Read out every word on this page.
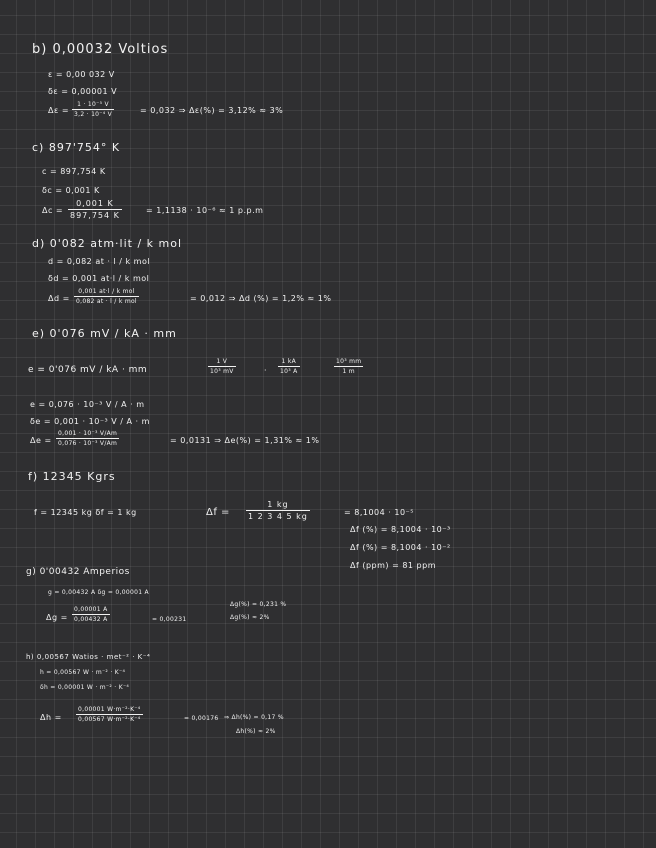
b) 0,00032 Voltios
ε = 0,00 032 V
δε = 0,00001 V
Δε =
1 · 10⁻⁵ V
3,2 · 10⁻⁴ V	= 0,032 ⇒ Δε(%) = 3,12% ≈ 3%
c) 897'754° K
c = 897,754 K
δc = 0,001 K
Δc =
0,001 K
897,754 K
= 1,1138 · 10⁻⁶ ≈ 1 p.p.m
d) 0'082 atm·lit / k mol
d = 0,082 at · l / k mol
δd = 0,001 at·l / k mol
Δd =
0,001 at·l / k mol
0,082 at · l / k mol	= 0,012 ⇒ Δd (%) = 1,2% ≈ 1%
e) 0'076 mV / kA · mm
e = 0'076 mV / kA · mm
1 V
10³ mV	·
1 kA
10³ A
10³ mm
1 m
e = 0,076 · 10⁻³ V / A · m
δe = 0,001 · 10⁻³ V / A · m
Δe =
0,001 · 10⁻³ V/Am
0,076 · 10⁻³ V/Am	= 0,0131 ⇒ Δe(%) = 1,31% ≈ 1%
f) 12345 Kgrs
f = 12345 kg δf = 1 kg	Δf =
1 kg
1 2 3 4 5 kg	= 8,1004 · 10⁻⁵
Δf (%) = 8,1004 · 10⁻³
Δf (%) = 8,1004 · 10⁻²
Δf (ppm) = 81 ppm
g) 0'00432 Amperios
g = 0,00432 A δg = 0,00001 A
Δg =
0,00001 A
0,00432 A	= 0,00231
Δg(%) = 0,231 %
Δg(%) ≈ 2%
h) 0,00567 Watios · met⁻² · K⁻⁴
h = 0,00567 W · m⁻² · K⁻⁴
δh = 0,00001 W · m⁻² · K⁻⁴
Δh =
0,00001 W·m⁻²·K⁻⁴
0,00567 W·m⁻²·K⁻⁴	= 0,00176 ⇒ Δh(%) = 0,17 %
Δh(%) ≈ 2%
